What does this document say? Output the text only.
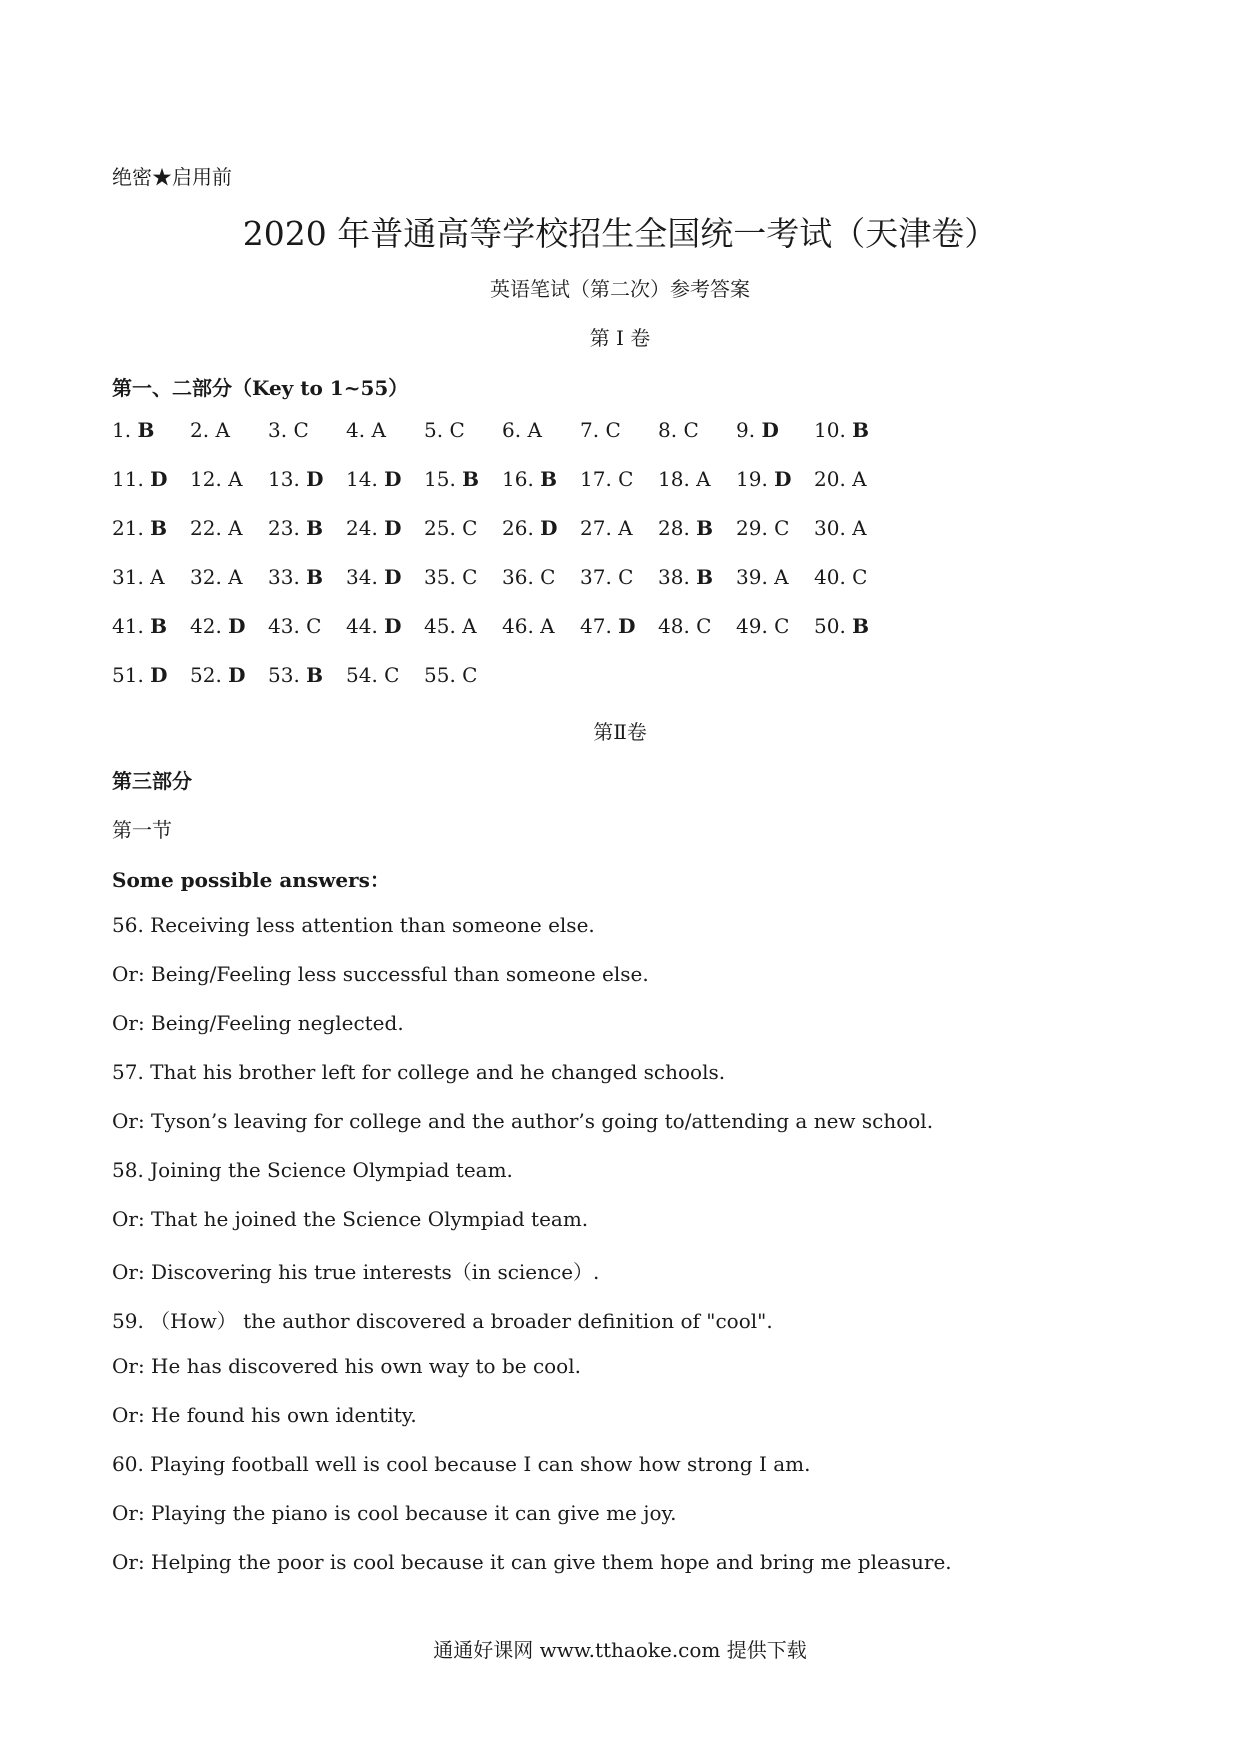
绝密★启用前
2020 年普通高等学校招生全国统一考试（天津卷）
英语笔试（第二次）参考答案
第 I 卷
第一、二部分（Key to 1~55）
1. B 2. A 3. C 4. A 5. C 6. A 7. C 8. C 9. D 10. B
11. D 12. A 13. D 14. D 15. B 16. B 17. C 18. A 19. D 20. A
21. B 22. A 23. B 24. D 25. C 26. D 27. A 28. B 29. C 30. A
31. A 32. A 33. B 34. D 35. C 36. C 37. C 38. B 39. A 40. C
41. B 42. D 43. C 44. D 45. A 46. A 47. D 48. C 49. C 50. B
51. D 52. D 53. B 54. C 55. C
第Ⅱ卷
第三部分
第一节
Some possible answers：
56. Receiving less attention than someone else.
Or: Being/Feeling less successful than someone else.
Or: Being/Feeling neglected.
57. That his brother left for college and he changed schools.
Or: Tyson’s leaving for college and the author’s going to/attending a new school.
58. Joining the Science Olympiad team.
Or: That he joined the Science Olympiad team.
Or: Discovering his true interests（in science）.
59. （How） the author discovered a broader definition of "cool".
Or: He has discovered his own way to be cool.
Or: He found his own identity.
60. Playing football well is cool because I can show how strong I am.
Or: Playing the piano is cool because it can give me joy.
Or: Helping the poor is cool because it can give them hope and bring me pleasure.
通通好课网 www.tthaoke.com 提供下载
